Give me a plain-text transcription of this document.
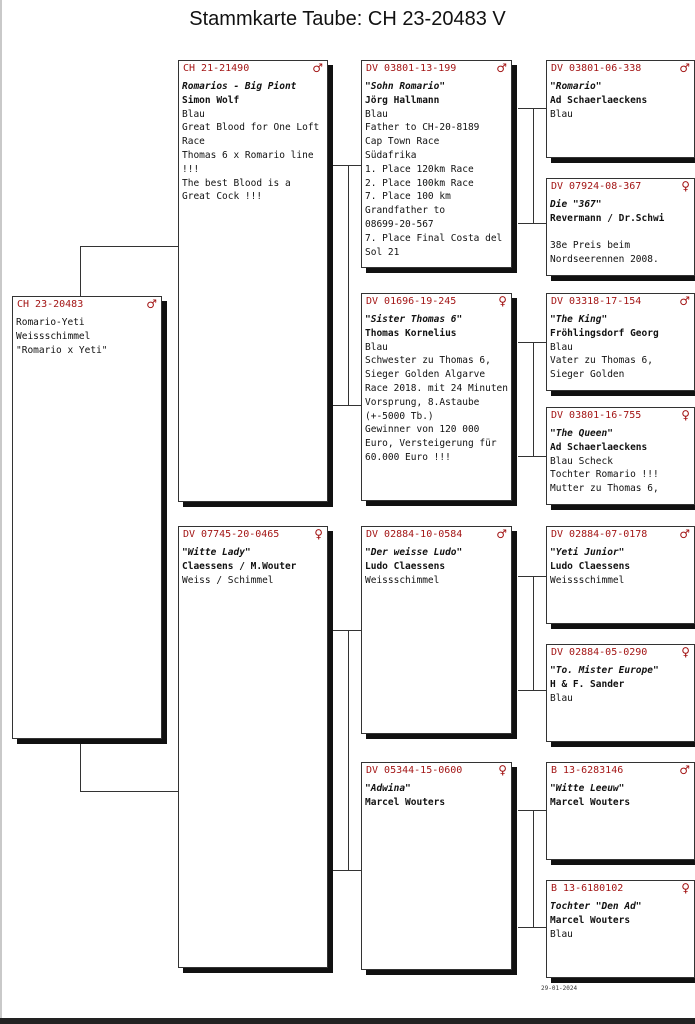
Stammkarte Taube: CH 23-20483 V
CH 23-20483	♂
Romario-Yeti
Weissschimmel
"Romario x Yeti"
CH 21-21490	♂
Romarios - Big Piont
Simon Wolf
Blau
Great Blood for One Loft Race
Thomas 6 x Romario line !!!
The best Blood is a Great Cock !!!
DV 07745-20-0465	♀
"Witte Lady"
Claessens / M.Wouter
Weiss / Schimmel
DV 03801-13-199	♂
"Sohn Romario"
Jörg Hallmann
Blau
Father to CH-20-8189
Cap Town Race
Südafrika
1. Place 120km Race
2. Place 100km Race
7. Place 100 km
Grandfather to
08699-20-567
7. Place Final Costa del Sol 21
DV 01696-19-245	♀
"Sister Thomas 6"
Thomas Kornelius
Blau
Schwester zu Thomas 6, Sieger Golden Algarve Race 2018. mit 24 Minuten Vorsprung, 8.Astaube (+-5000 Tb.)
Gewinner von 120 000 Euro, Versteigerung für 60.000 Euro !!!
DV 02884-10-0584	♂
"Der weisse Ludo"
Ludo Claessens
Weissschimmel
DV 05344-15-0600	♀
"Adwina"
Marcel Wouters
DV 03801-06-338	♂
"Romario"
Ad Schaerlaeckens
Blau
DV 07924-08-367	♀
Die "367"
Revermann / Dr.Schwi

38e Preis beim Nordseerennen 2008.
DV 03318-17-154	♂
"The King"
Fröhlingsdorf Georg
Blau
Vater zu Thomas 6,
Sieger Golden
DV 03801-16-755	♀
"The Queen"
Ad Schaerlaeckens
Blau Scheck
Tochter Romario !!!
Mutter zu Thomas 6,
DV 02884-07-0178	♂
"Yeti Junior"
Ludo Claessens
Weissschimmel
DV 02884-05-0290	♀
"To. Mister Europe"
H & F. Sander
Blau
B 13-6283146	♂
"Witte Leeuw"
Marcel Wouters
B 13-6180102	♀
Tochter "Den Ad"
Marcel Wouters
Blau
29-01-2024
